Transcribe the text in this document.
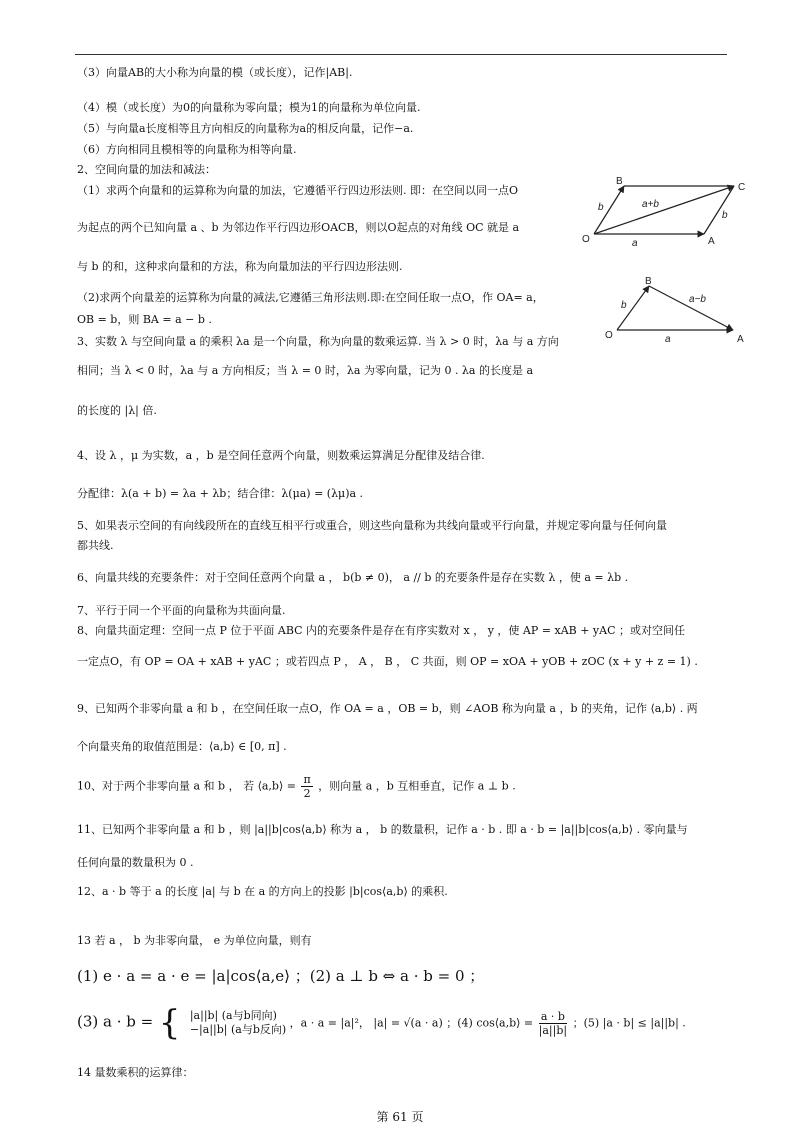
（3）向量AB的大小称为向量的模（或长度），记作|AB|.
（4）模（或长度）为0的向量称为零向量；模为1的向量称为单位向量.
（5）与向量a长度相等且方向相反的向量称为a的相反向量，记作−a.
（6）方向相同且模相等的向量称为相等向量.
2、空间向量的加法和减法：
（1）求两个向量和的运算称为向量的加法，它遵循平行四边形法则. 即：在空间以同一点O
为起点的两个已知向量 a 、b 为邻边作平行四边形OACB，则以O起点的对角线 OC 就是 a
与 b 的和，这种求向量和的方法，称为向量加法的平行四边形法则.
（2)求两个向量差的运算称为向量的减法,它遵循三角形法则.即:在空间任取一点O，作 OA= a，
OB = b，则 BA = a − b .
3、实数 λ 与空间向量 a 的乘积 λa 是一个向量，称为向量的数乘运算. 当 λ > 0 时，λa 与 a 方向
相同；当 λ < 0 时，λa 与 a 方向相反；当 λ = 0 时，λa 为零向量，记为 0 . λa 的长度是 a
的长度的 |λ| 倍.
4、设 λ ，μ 为实数，a ，b 是空间任意两个向量，则数乘运算满足分配律及结合律.
分配律：λ(a + b) = λa + λb；结合律：λ(μa) = (λμ)a .
5、如果表示空间的有向线段所在的直线互相平行或重合，则这些向量称为共线向量或平行向量，并规定零向量与任何向量
都共线.
6、向量共线的充要条件：对于空间任意两个向量 a ， b(b ≠ 0)， a // b 的充要条件是存在实数 λ ，使 a = λb .
7、平行于同一个平面的向量称为共面向量.
8、向量共面定理：空间一点 P 位于平面 ABC 内的充要条件是存在有序实数对 x ， y ，使 AP = xAB + yAC ；或对空间任
一定点O，有 OP = OA + xAB + yAC ；或若四点 P ， A ， B ， C 共面，则 OP = xOA + yOB + zOC (x + y + z = 1) .
9、已知两个非零向量 a 和 b ，在空间任取一点O，作 OA = a ，OB = b，则 ∠AOB 称为向量 a ，b 的夹角，记作 ⟨a,b⟩ . 两
个向量夹角的取值范围是：⟨a,b⟩ ∈ [0, π] .
10、对于两个非零向量 a 和 b ， 若 ⟨a,b⟩ = $\frac{\pi}{2}$ ，则向量 a ，b 互相垂直，记作 a ⊥ b .
11、已知两个非零向量 a 和 b ，则 |a||b|cos⟨a,b⟩ 称为 a ， b 的数量积，记作 a · b . 即 a · b = |a||b|cos⟨a,b⟩ . 零向量与
任何向量的数量积为 0 .
12、a · b 等于 a 的长度 |a| 与 b 在 a 的方向上的投影 |b|cos⟨a,b⟩ 的乘积.
13 若 a ， b 为非零向量， e 为单位向量，则有
(1) e · a = a · e = |a|cos⟨a,e⟩ ；(2) a ⊥ b ⇔ a · b = 0 ；
(3) a · b = { |a||b| (a与b同向)
−|a||b| (a与b反向)
，a · a = |a|²， |a| = √(a · a) ；(4) cos⟨a,b⟩ = $\frac{a \cdot b}{|a||b|}$ ；(5) |a · b| ≤ |a||b| .
14 量数乘积的运算律：
B
C
O	A
a+b
b
b
a
B
O	A
a−b
b
a
第 61 页
